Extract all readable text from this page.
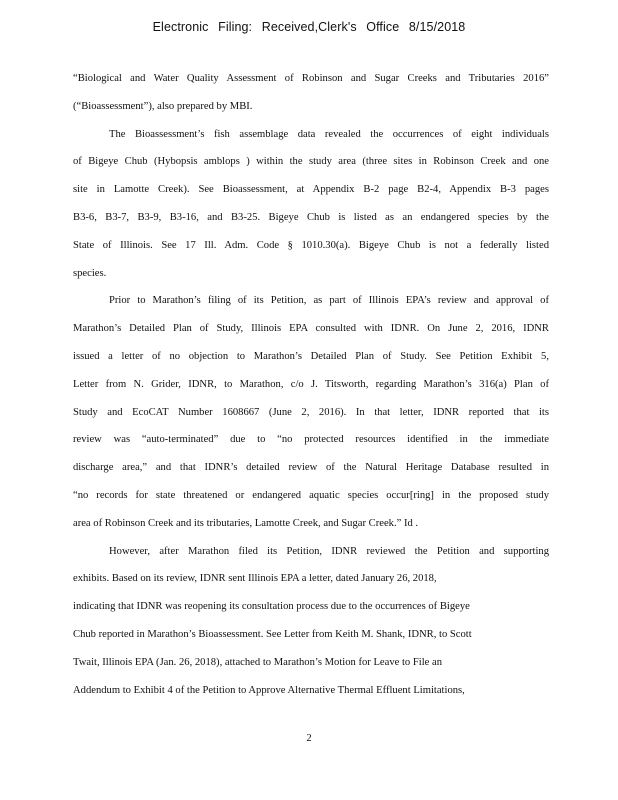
Electronic Filing: Received,Clerk's Office 8/15/2018
“Biological and Water Quality Assessment of Robinson and Sugar Creeks and Tributaries 2016”
(“Bioassessment”), also prepared by MBI.
The Bioassessment’s fish assemblage data revealed the occurrences of eight individuals
of Bigeye Chub (Hybopsis amblops ) within the study area (three sites in Robinson Creek and one
site in Lamotte Creek). See Bioassessment, at Appendix B-2 page B2-4, Appendix B-3 pages
B3-6, B3-7, B3-9, B3-16, and B3-25. Bigeye Chub is listed as an endangered species by the
State of Illinois. See 17 Ill. Adm. Code § 1010.30(a). Bigeye Chub is not a federally listed
species.
Prior to Marathon’s filing of its Petition, as part of Illinois EPA’s review and approval of
Marathon’s Detailed Plan of Study, Illinois EPA consulted with IDNR. On June 2, 2016, IDNR
issued a letter of no objection to Marathon’s Detailed Plan of Study. See Petition Exhibit 5,
Letter from N. Grider, IDNR, to Marathon, c/o J. Titsworth, regarding Marathon’s 316(a) Plan of
Study and EcoCAT Number 1608667 (June 2, 2016). In that letter, IDNR reported that its
review was “auto-terminated” due to “no protected resources identified in the immediate
discharge area,” and that IDNR’s detailed review of the Natural Heritage Database resulted in
“no records for state threatened or endangered aquatic species occur[ring] in the proposed study
area of Robinson Creek and its tributaries, Lamotte Creek, and Sugar Creek.” Id .
However, after Marathon filed its Petition, IDNR reviewed the Petition and supporting
exhibits. Based on its review, IDNR sent Illinois EPA a letter, dated January 26, 2018,
indicating that IDNR was reopening its consultation process due to the occurrences of Bigeye
Chub reported in Marathon’s Bioassessment. See Letter from Keith M. Shank, IDNR, to Scott
Twait, Illinois EPA (Jan. 26, 2018), attached to Marathon’s Motion for Leave to File an
Addendum to Exhibit 4 of the Petition to Approve Alternative Thermal Effluent Limitations,
2
